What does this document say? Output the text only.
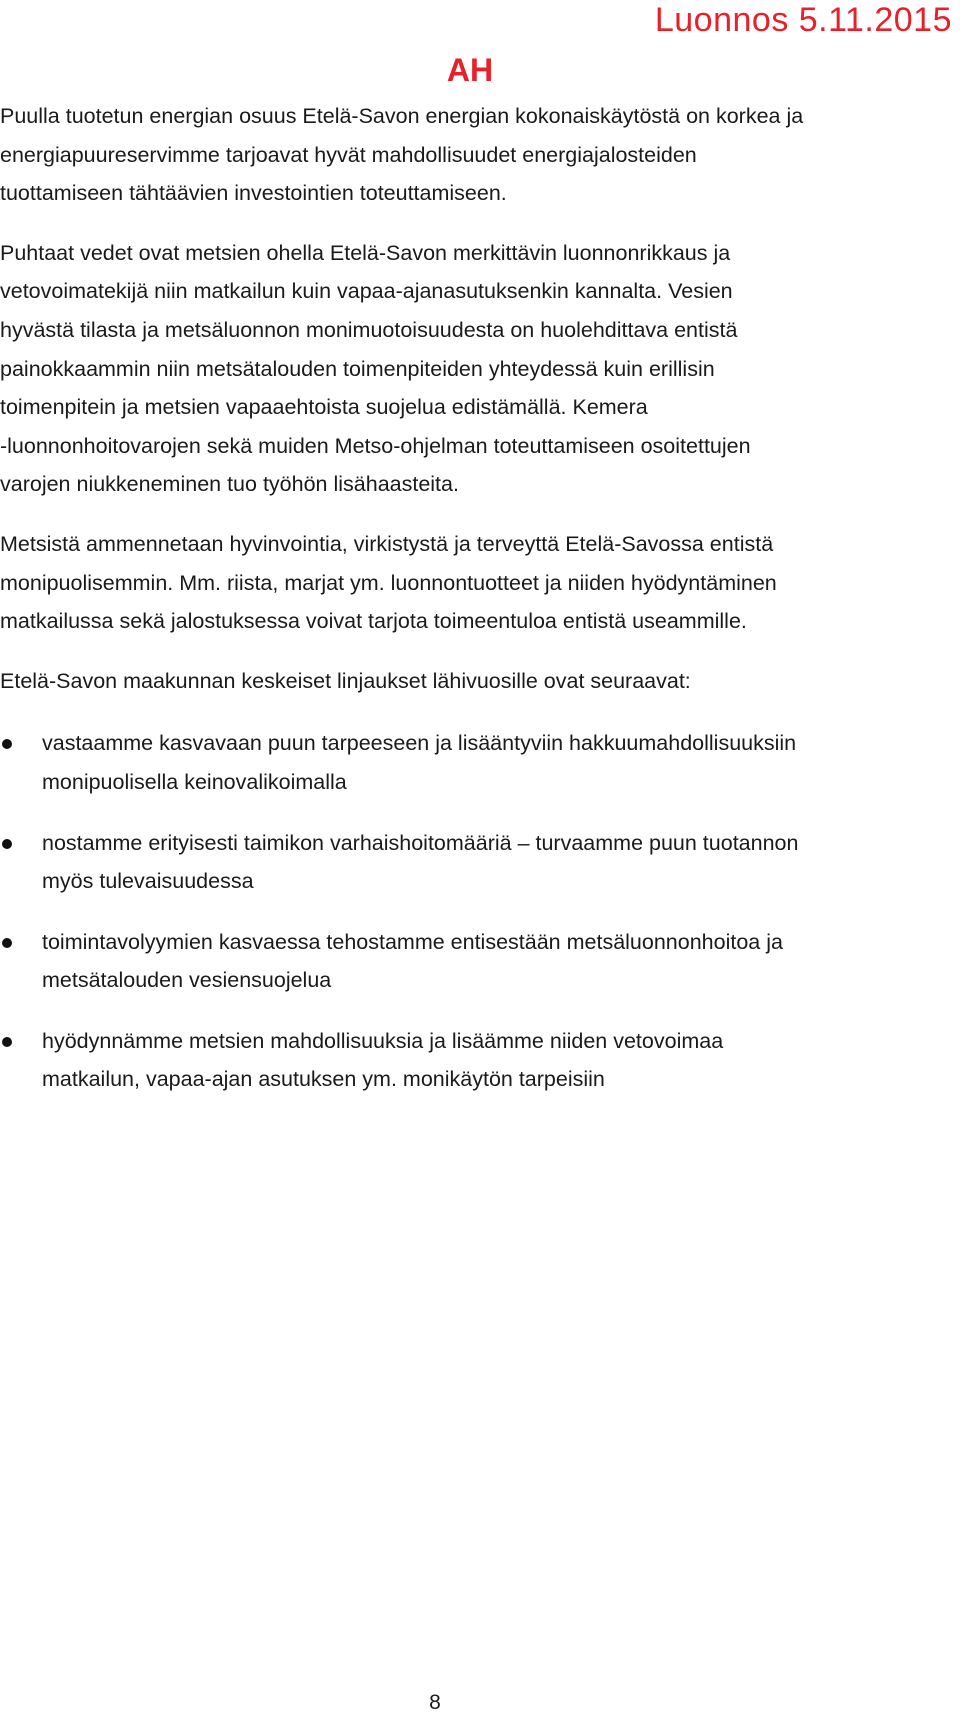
Luonnos 5.11.2015
AH

Puulla tuotetun energian osuus Etelä-Savon energian kokonaiskäytöstä on korkea ja
energiapuureservimme tarjoavat hyvät mahdollisuudet energiajalosteiden
tuottamiseen tähtäävien investointien toteuttamiseen.

Puhtaat vedet ovat metsien ohella Etelä-Savon merkittävin luonnonrikkaus ja
vetovoimatekijä niin matkailun kuin vapaa-ajanasutuksenkin kannalta. Vesien
hyvästä tilasta ja metsäluonnon monimuotoisuudesta on huolehdittava entistä
painokkaammin niin metsätalouden toimenpiteiden yhteydessä kuin erillisin
toimenpitein ja metsien vapaaehtoista suojelua edistämällä. Kemera
-luonnonhoitovarojen sekä muiden Metso-ohjelman toteuttamiseen osoitettujen
varojen niukkeneminen tuo työhön lisähaasteita.

Metsistä ammennetaan hyvinvointia, virkistystä ja terveyttä Etelä-Savossa entistä
monipuolisemmin. Mm. riista, marjat ym. luonnontuotteet ja niiden hyödyntäminen
matkailussa sekä jalostuksessa voivat tarjota toimeentuloa entistä useammille.

Etelä-Savon maakunnan keskeiset linjaukset lähivuosille ovat seuraavat:

vastaamme kasvavaan puun tarpeeseen ja lisääntyviin hakkuumahdollisuuksiin
monipuolisella keinovalikoimalla
nostamme erityisesti taimikon varhaishoitomääriä – turvaamme puun tuotannon
myös tulevaisuudessa
toimintavolyymien kasvaessa tehostamme entisestään metsäluonnonhoitoa ja
metsätalouden vesiensuojelua
hyödynnämme metsien mahdollisuuksia ja lisäämme niiden vetovoimaa
matkailun, vapaa-ajan asutuksen ym. monikäytön tarpeisiin
8
